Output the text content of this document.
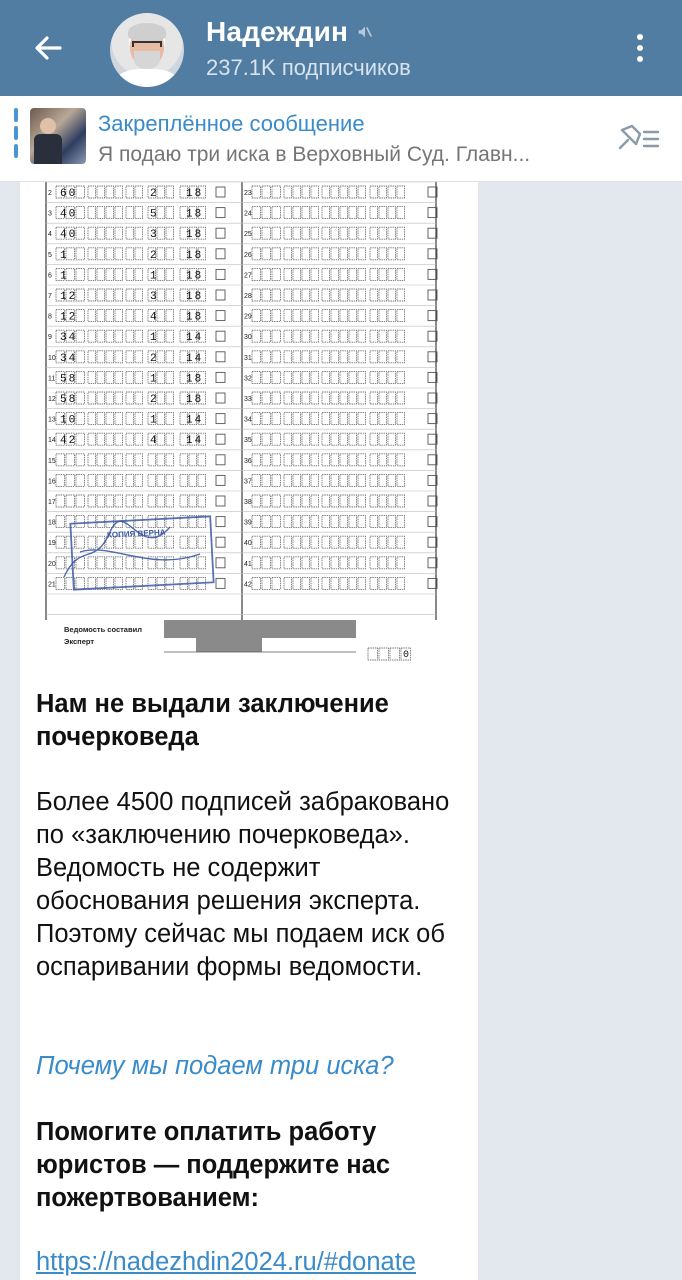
Надеждин
237.1K подписчиков
Закреплённое сообщение
Я подаю три иска в Верховный Суд. Главн...
2 60	2	18
3 40	5	18
4 40	3	18
5 1	2	18
6 1	1	18
7 12	3	18
8 12	4	18
9 34	1	14
10 34	2	14
11 58	1	18
12 58	2	18
13 10	1	14
14 42	4	14
15
16
17
18
19
20
21
23
24
25
26
27
28
29
30
31
32
33
34
35
36
37
38
39
40
41
42
КОПИЯ ВЕРНА
Ведомость составил
Эксперт
0
Нам не выдали заключение почерковеда
Более 4500 подписей забраковано по «заключению почерковеда». Ведомость не содержит обоснования решения эксперта. Поэтому сейчас мы подаем иск об оспаривании формы ведомости.
Почему мы подаем три иска?
Помогите оплатить работу юристов — поддержите нас пожертвованием:
https://nadezhdin2024.ru/#donate
